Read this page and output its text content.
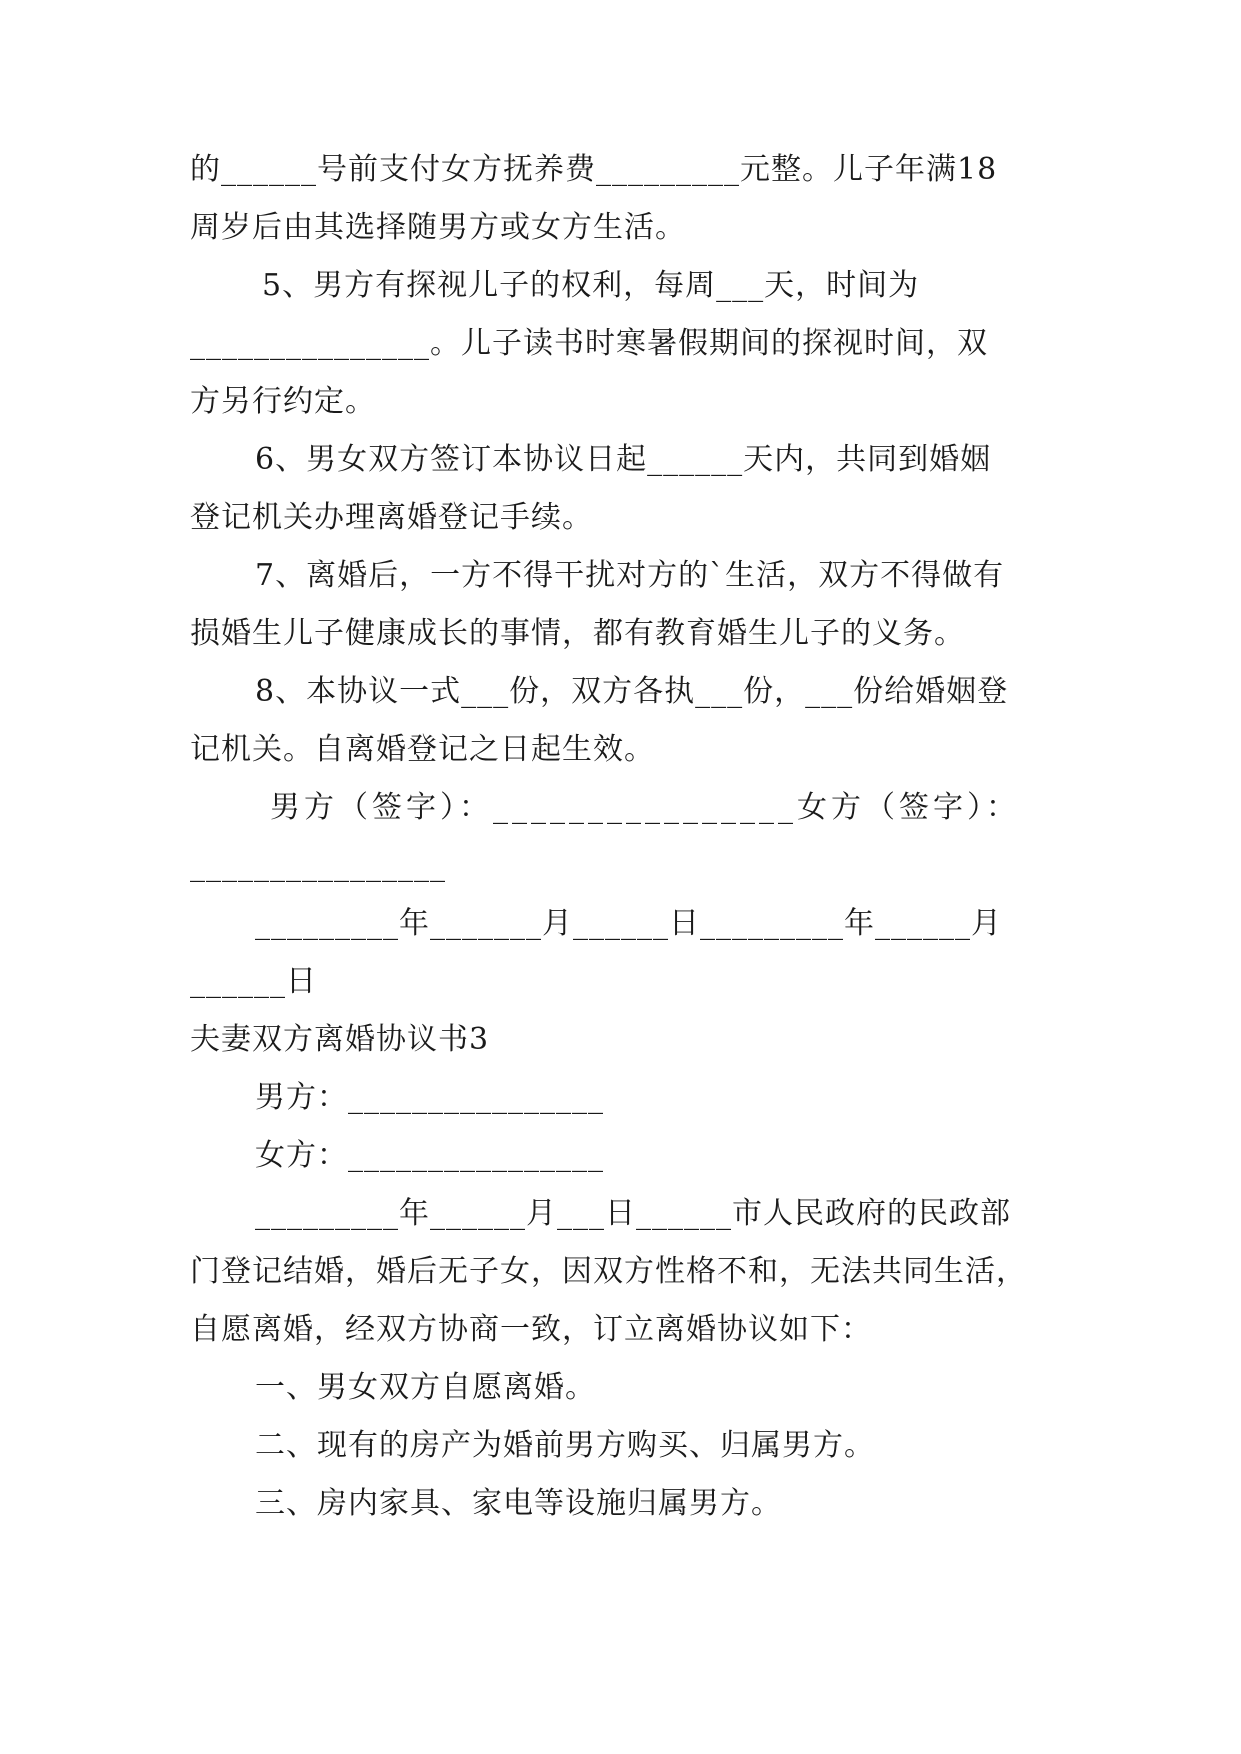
的______号前支付女方抚养费_________元整。儿子年满18
周岁后由其选择随男方或女方生活。
5、男方有探视儿子的权利，每周___天，时间为
_______________。儿子读书时寒暑假期间的探视时间，双
方另行约定。
6、男女双方签订本协议日起______天内，共同到婚姻
登记机关办理离婚登记手续。
7、离婚后，一方不得干扰对方的`生活，双方不得做有
损婚生儿子健康成长的事情，都有教育婚生儿子的义务。
8、本协议一式___份，双方各执___份，___份给婚姻登
记机关。自离婚登记之日起生效。
男方（签字）：________________女方（签字）：
________________
_________年_______月______日_________年______月
______日
夫妻双方离婚协议书3
男方：________________
女方：________________
_________年______月___日______市人民政府的民政部
门登记结婚，婚后无子女，因双方性格不和，无法共同生活，
自愿离婚，经双方协商一致，订立离婚协议如下：
一、男女双方自愿离婚。
二、现有的房产为婚前男方购买、归属男方。
三、房内家具、家电等设施归属男方。
